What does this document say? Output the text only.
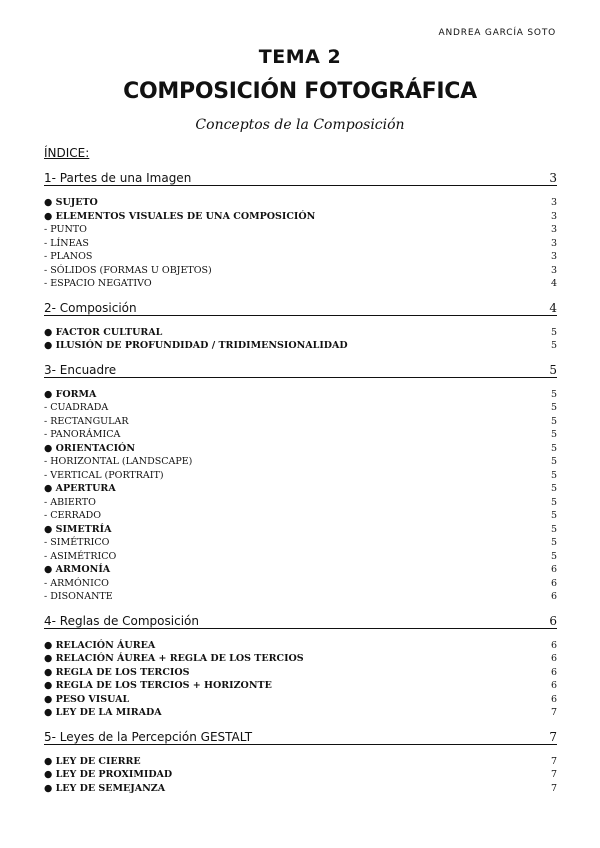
ANDREA GARCÍA SOTO
TEMA 2
COMPOSICIÓN FOTOGRÁFICA
Conceptos de la Composición
ÍNDICE:
1- Partes de una Imagen	3
● SUJETO	3
● ELEMENTOS VISUALES DE UNA COMPOSICIÓN	3
- PUNTO	3
- LÍNEAS	3
- PLANOS	3
- SÓLIDOS (FORMAS U OBJETOS)	3
- ESPACIO NEGATIVO	4
2- Composición	4
● FACTOR CULTURAL	5
● ILUSIÓN DE PROFUNDIDAD / TRIDIMENSIONALIDAD	5
3- Encuadre	5
● FORMA	5
- CUADRADA	5
- RECTANGULAR	5
- PANORÁMICA	5
● ORIENTACIÓN	5
- HORIZONTAL (LANDSCAPE)	5
- VERTICAL (PORTRAIT)	5
● APERTURA	5
- ABIERTO	5
- CERRADO	5
● SIMETRÍA	5
- SIMÉTRICO	5
- ASIMÉTRICO	5
● ARMONÍA	6
- ARMÓNICO	6
- DISONANTE	6
4- Reglas de Composición	6
● RELACIÓN ÁUREA	6
● RELACIÓN ÁUREA + REGLA DE LOS TERCIOS	6
● REGLA DE LOS TERCIOS	6
● REGLA DE LOS TERCIOS + HORIZONTE	6
● PESO VISUAL	6
● LEY DE LA MIRADA	7
5- Leyes de la Percepción GESTALT	7
● LEY DE CIERRE	7
● LEY DE PROXIMIDAD	7
● LEY DE SEMEJANZA	7
